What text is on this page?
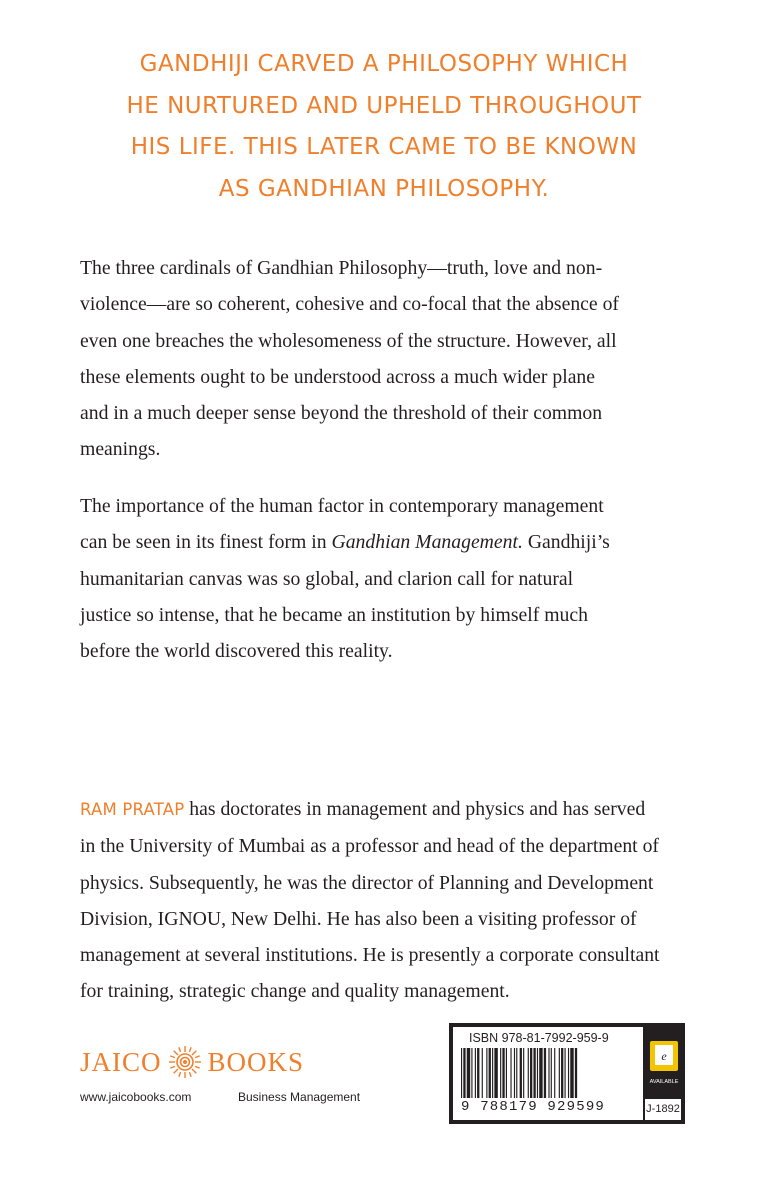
GANDHIJI CARVED A PHILOSOPHY WHICH
HE NURTURED AND UPHELD THROUGHOUT
HIS LIFE. THIS LATER CAME TO BE KNOWN
AS GANDHIAN PHILOSOPHY.
The three cardinals of Gandhian Philosophy—truth, love and non-
violence—are so coherent, cohesive and co-focal that the absence of
even one breaches the wholesomeness of the structure. However, all
these elements ought to be understood across a much wider plane
and in a much deeper sense beyond the threshold of their common
meanings.
The importance of the human factor in contemporary management
can be seen in its finest form in Gandhian Management. Gandhiji’s
humanitarian canvas was so global, and clarion call for natural
justice so intense, that he became an institution by himself much
before the world discovered this reality.
RAM PRATAP has doctorates in management and physics and has served
in the University of Mumbai as a professor and head of the department of
physics. Subsequently, he was the director of Planning and Development
Division, IGNOU, New Delhi. He has also been a visiting professor of
management at several institutions. He is presently a corporate consultant
for training, strategic change and quality management.
JAICO BOOKS
www.jaicobooks.com	Business Management
ISBN 978-81-7992-959-9
9 788179 929599
e
AVAILABLE
J-1892
